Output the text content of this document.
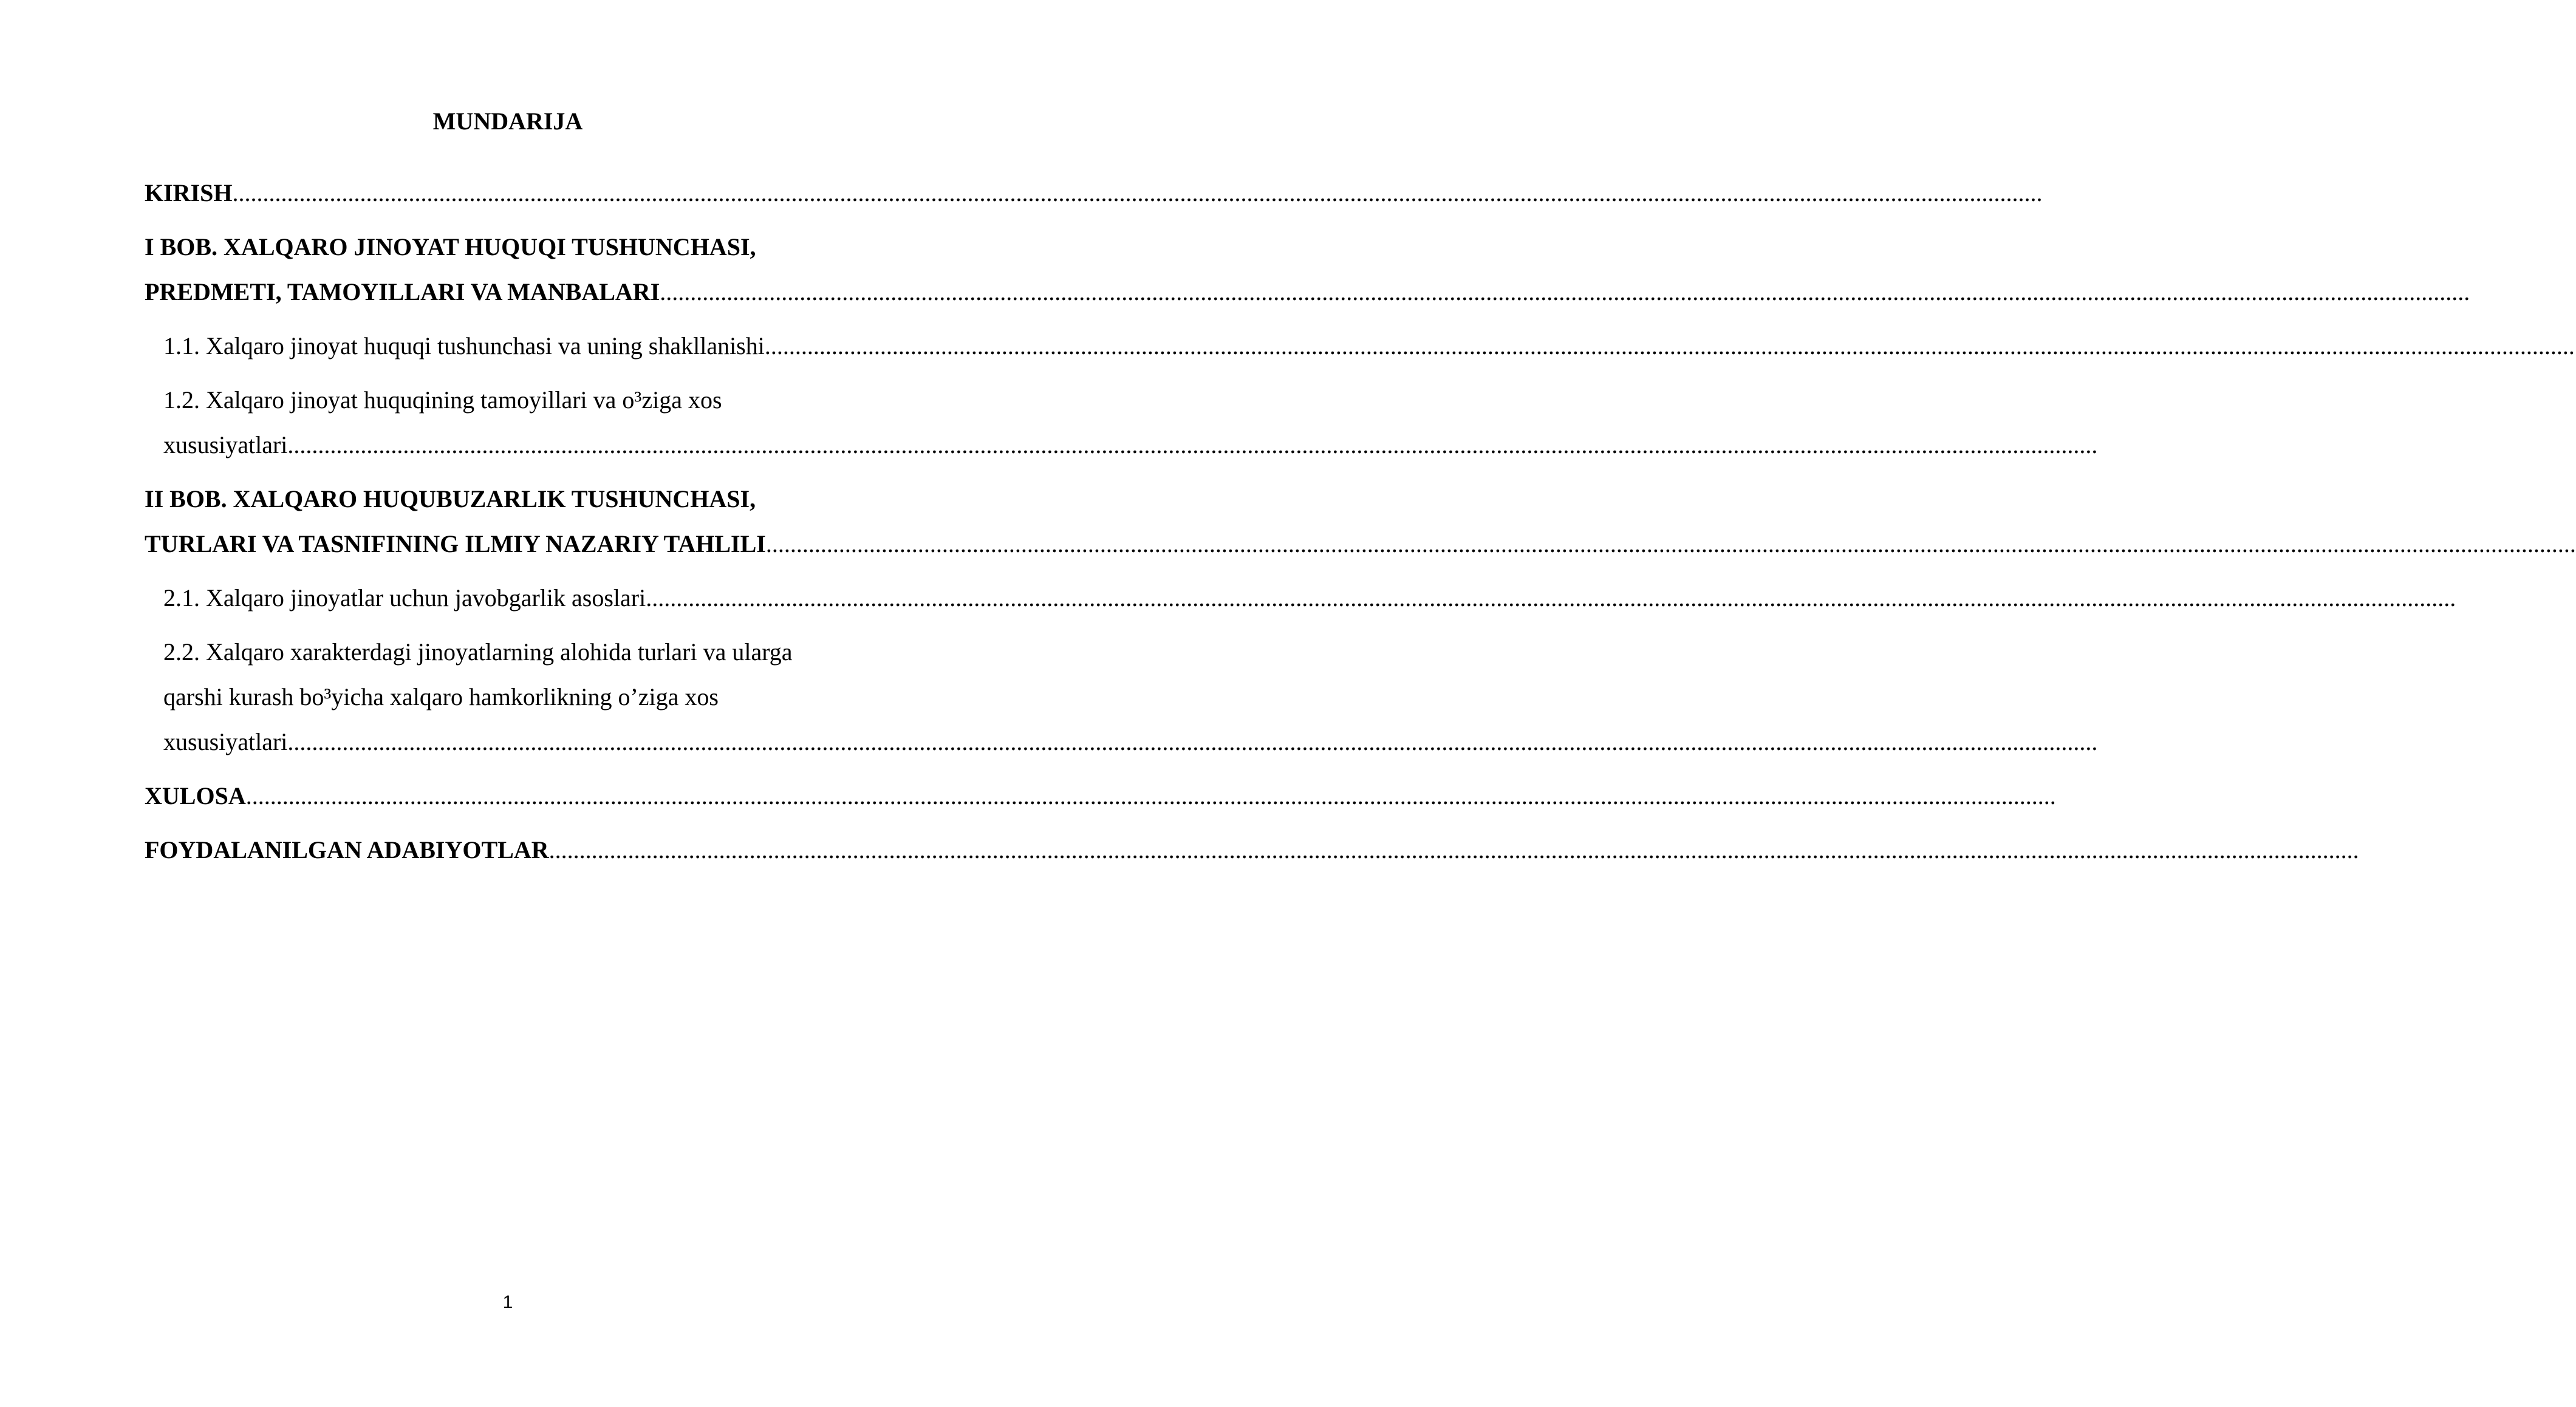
MUNDARIJA
KIRISH..........................................................................................................................................................................................................................................................................................................
I BOB. XALQARO JINOYAT HUQUQI TUSHUNCHASI,
PREDMETI, TAMOYILLARI VA MANBALARI..........................................................................................................................................................................................................................................................................................................
1.1. Xalqaro jinoyat huquqi tushunchasi va uning shakllanishi..........................................................................................................................................................................................................................................................................................................
1.2. Xalqaro jinoyat huquqining tamoyillari va o³ziga xos
xususiyatlari..........................................................................................................................................................................................................................................................................................................
II BOB. XALQARO HUQUBUZARLIK TUSHUNCHASI,
TURLARI VA TASNIFINING ILMIY NAZARIY TAHLILI..........................................................................................................................................................................................................................................................................................................
2.1. Xalqaro jinoyatlar uchun javobgarlik asoslari..........................................................................................................................................................................................................................................................................................................
2.2. Xalqaro xarakterdagi jinoyatlarning alohida turlari va ularga
qarshi kurash bo³yicha xalqaro hamkorlikning o’ziga xos
xususiyatlari..........................................................................................................................................................................................................................................................................................................
XULOSA..........................................................................................................................................................................................................................................................................................................
FOYDALANILGAN ADABIYOTLAR..........................................................................................................................................................................................................................................................................................................
1
